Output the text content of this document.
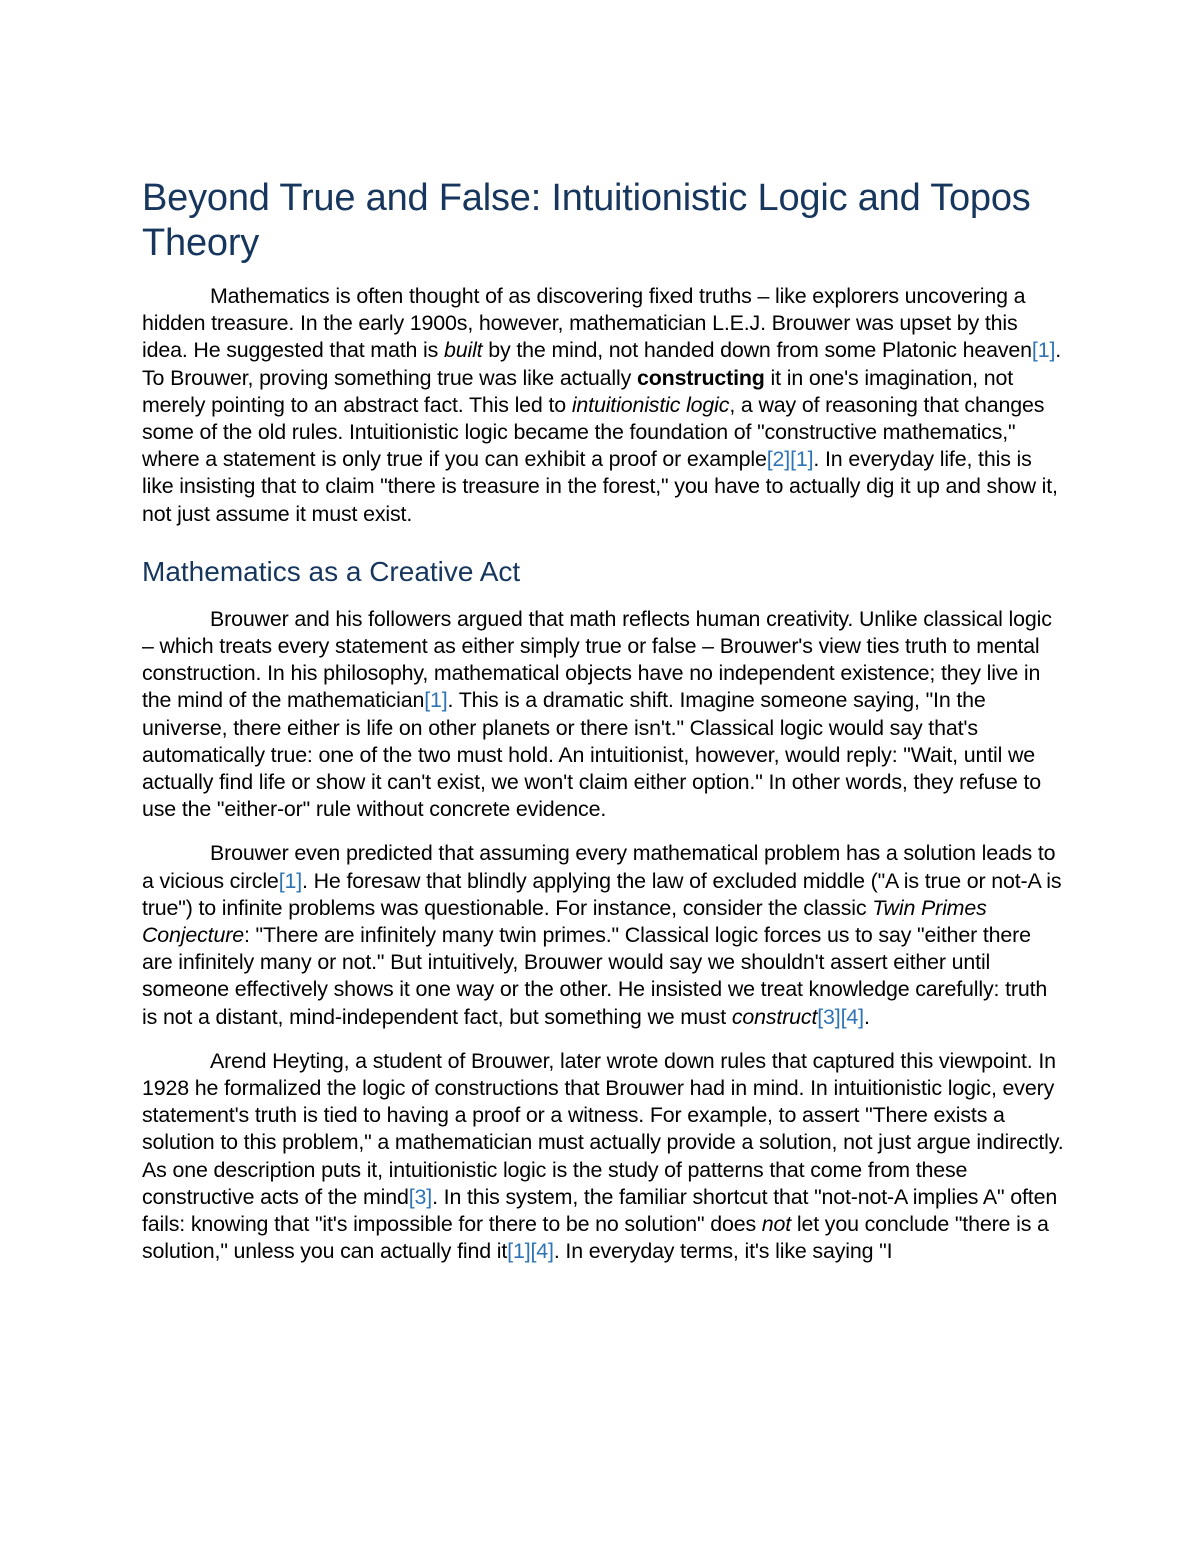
Beyond True and False: Intuitionistic Logic and Topos Theory

Mathematics is often thought of as discovering fixed truths – like explorers uncovering a hidden treasure. In the early 1900s, however, mathematician L.E.J. Brouwer was upset by this idea. He suggested that math is built by the mind, not handed down from some Platonic heaven[1]. To Brouwer, proving something true was like actually constructing it in one's imagination, not merely pointing to an abstract fact. This led to intuitionistic logic, a way of reasoning that changes some of the old rules. Intuitionistic logic became the foundation of "constructive mathematics," where a statement is only true if you can exhibit a proof or example[2][1]. In everyday life, this is like insisting that to claim "there is treasure in the forest," you have to actually dig it up and show it, not just assume it must exist.

Mathematics as a Creative Act

Brouwer and his followers argued that math reflects human creativity. Unlike classical logic – which treats every statement as either simply true or false – Brouwer's view ties truth to mental construction. In his philosophy, mathematical objects have no independent existence; they live in the mind of the mathematician[1]. This is a dramatic shift. Imagine someone saying, "In the universe, there either is life on other planets or there isn't." Classical logic would say that's automatically true: one of the two must hold. An intuitionist, however, would reply: "Wait, until we actually find life or show it can't exist, we won't claim either option." In other words, they refuse to use the "either-or" rule without concrete evidence.

Brouwer even predicted that assuming every mathematical problem has a solution leads to a vicious circle[1]. He foresaw that blindly applying the law of excluded middle ("A is true or not-A is true") to infinite problems was questionable. For instance, consider the classic Twin Primes Conjecture: "There are infinitely many twin primes." Classical logic forces us to say "either there are infinitely many or not." But intuitively, Brouwer would say we shouldn't assert either until someone effectively shows it one way or the other. He insisted we treat knowledge carefully: truth is not a distant, mind-independent fact, but something we must construct[3][4].

Arend Heyting, a student of Brouwer, later wrote down rules that captured this viewpoint. In 1928 he formalized the logic of constructions that Brouwer had in mind. In intuitionistic logic, every statement's truth is tied to having a proof or a witness. For example, to assert "There exists a solution to this problem," a mathematician must actually provide a solution, not just argue indirectly. As one description puts it, intuitionistic logic is the study of patterns that come from these constructive acts of the mind[3]. In this system, the familiar shortcut that "not-not-A implies A" often fails: knowing that "it's impossible for there to be no solution" does not let you conclude "there is a solution," unless you can actually find it[1][4]. In everyday terms, it's like saying "I
